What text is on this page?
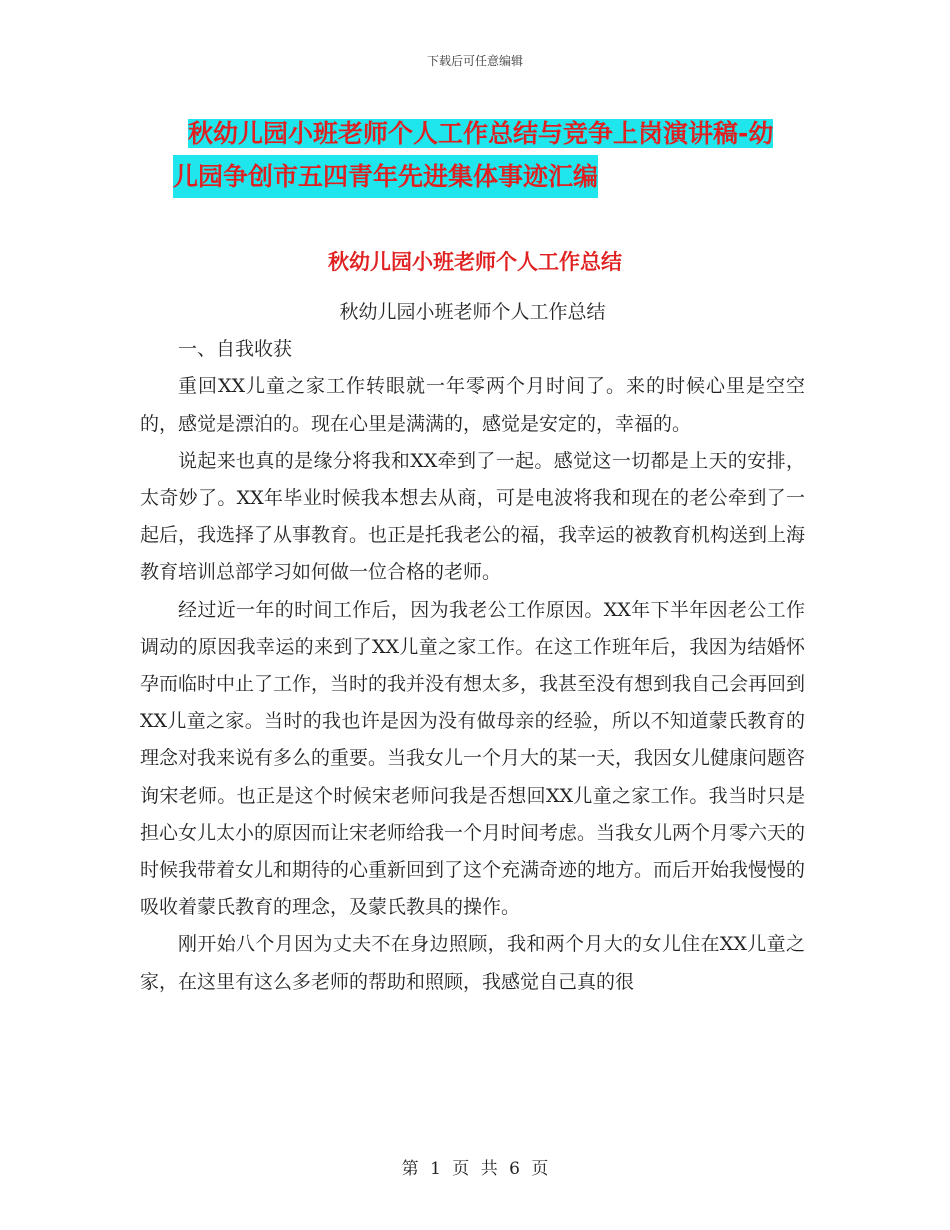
下载后可任意编辑
秋幼儿园小班老师个人工作总结与竞争上岗演讲稿-幼
儿园争创市五四青年先进集体事迹汇编
秋幼儿园小班老师个人工作总结

秋幼儿园小班老师个人工作总结

一、自我收获

重回XX儿童之家工作转眼就一年零两个月时间了。来的时候心里是空空的，感觉是漂泊的。现在心里是满满的，感觉是安定的，幸福的。

说起来也真的是缘分将我和XX牵到了一起。感觉这一切都是上天的安排，太奇妙了。XX年毕业时候我本想去从商，可是电波将我和现在的老公牵到了一起后，我选择了从事教育。也正是托我老公的福，我幸运的被教育机构送到上海教育培训总部学习如何做一位合格的老师。

经过近一年的时间工作后，因为我老公工作原因。XX年下半年因老公工作调动的原因我幸运的来到了XX儿童之家工作。在这工作班年后，我因为结婚怀孕而临时中止了工作，当时的我并没有想太多，我甚至没有想到我自己会再回到XX儿童之家。当时的我也许是因为没有做母亲的经验，所以不知道蒙氏教育的理念对我来说有多么的重要。当我女儿一个月大的某一天，我因女儿健康问题咨询宋老师。也正是这个时候宋老师问我是否想回XX儿童之家工作。我当时只是担心女儿太小的原因而让宋老师给我一个月时间考虑。当我女儿两个月零六天的时候我带着女儿和期待的心重新回到了这个充满奇迹的地方。而后开始我慢慢的吸收着蒙氏教育的理念，及蒙氏教具的操作。

刚开始八个月因为丈夫不在身边照顾，我和两个月大的女儿住在XX儿童之家，在这里有这么多老师的帮助和照顾，我感觉自己真的很

第 1 页 共 6 页
